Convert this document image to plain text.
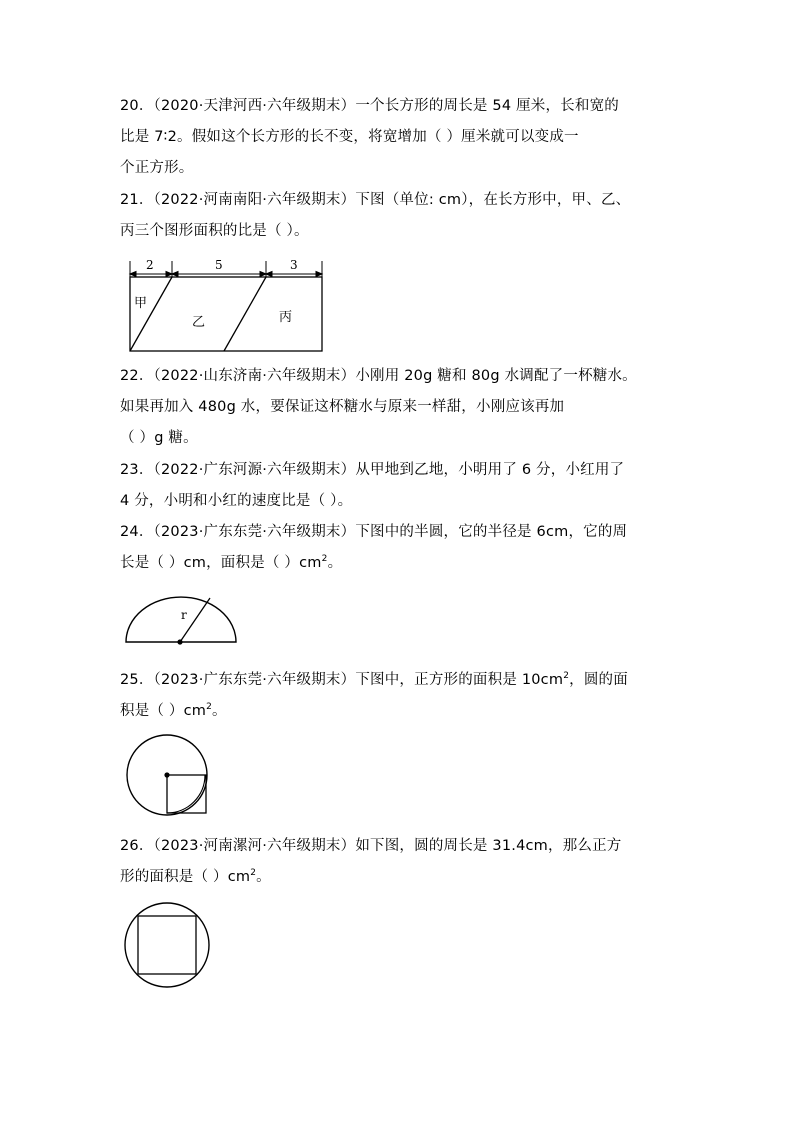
20．（2020·天津河西·六年级期末）一个长方形的周长是 54 厘米，长和宽的
比是 7∶2。假如这个长方形的长不变，将宽增加（ ）厘米就可以变成一
个正方形。
21．（2022·河南南阳·六年级期末）下图（单位: cm），在长方形中，甲、乙、
丙三个图形面积的比是（ ）。
2	5	3
甲
乙	丙
22．（2022·山东济南·六年级期末）小刚用 20g 糖和 80g 水调配了一杯糖水。
如果再加入 480g 水，要保证这杯糖水与原来一样甜，小刚应该再加
（ ）g 糖。
23．（2022·广东河源·六年级期末）从甲地到乙地，小明用了 6 分，小红用了
4 分，小明和小红的速度比是（ ）。
24．（2023·广东东莞·六年级期末）下图中的半圆，它的半径是 6cm，它的周
长是（ ）cm，面积是（ ）$cm^2$。
r
25．（2023·广东东莞·六年级期末）下图中，正方形的面积是 $10cm^2$，圆的面
积是（ ）$cm^2$。
26．（2023·河南漯河·六年级期末）如下图，圆的周长是 31.4cm，那么正方
形的面积是（ ）$cm^2$。
